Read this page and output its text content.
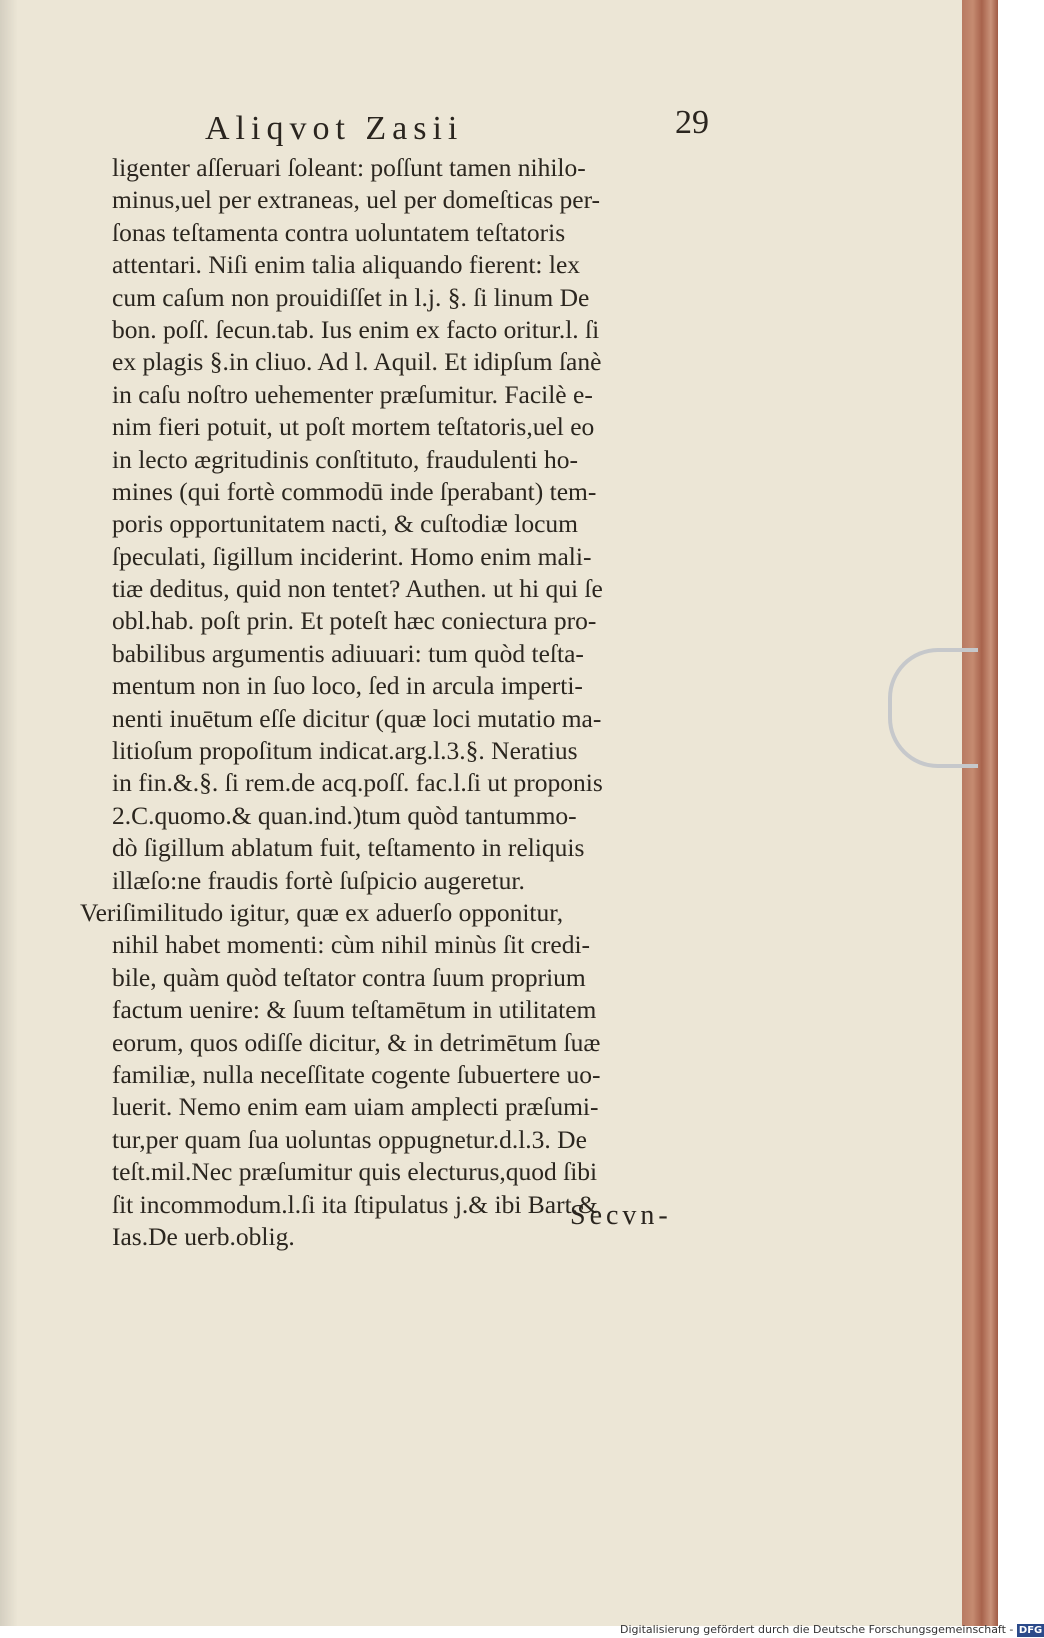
Aliqvot Zasii	29
ligenter aſſeruari ſoleant: poſſunt tamen nihilo-
minus,uel per extraneas, uel per domeſticas per-
ſonas teſtamenta contra uoluntatem teſtatoris
attentari. Niſi enim talia aliquando fierent: lex
cum caſum non prouidiſſet in l.j. §. ſi linum De
bon. poſſ. ſecun.tab. Ius enim ex facto oritur.l. ſi
ex plagis §.in cliuo. Ad l. Aquil. Et idipſum ſanè
in caſu noſtro uehementer præſumitur. Facilè e-
nim fieri potuit, ut poſt mortem teſtatoris,uel eo
in lecto ægritudinis conſtituto, fraudulenti ho-
mines (qui fortè commodū inde ſperabant) tem-
poris opportunitatem nacti, & cuſtodiæ locum
ſpeculati, ſigillum inciderint. Homo enim mali-
tiæ deditus, quid non tentet? Authen. ut hi qui ſe
obl.hab. poſt prin. Et poteſt hæc coniectura pro-
babilibus argumentis adiuuari: tum quòd teſta-
mentum non in ſuo loco, ſed in arcula imperti-
nenti inuētum eſſe dicitur (quæ loci mutatio ma-
litioſum propoſitum indicat.arg.l.3.§. Neratius
in fin.&.§. ſi rem.de acq.poſſ. fac.l.ſi ut proponis
2.C.quomo.& quan.ind.)tum quòd tantummo-
dò ſigillum ablatum fuit, teſtamento in reliquis
illæſo:ne fraudis fortè ſuſpicio augeretur.
Veriſimilitudo igitur, quæ ex aduerſo opponitur,
nihil habet momenti: cùm nihil minùs ſit credi-
bile, quàm quòd teſtator contra ſuum proprium
factum uenire: & ſuum teſtamētum in utilitatem
eorum, quos odiſſe dicitur, & in detrimētum ſuæ
familiæ, nulla neceſſitate cogente ſubuertere uo-
luerit. Nemo enim eam uiam amplecti præſumi-
tur,per quam ſua uoluntas oppugnetur.d.l.3. De
teſt.mil.Nec præſumitur quis electurus,quod ſibi
ſit incommodum.l.ſi ita ſtipulatus j.& ibi Bart.&
Ias.De uerb.oblig.
Secvn-
Digitalisierung gefördert durch die Deutsche Forschungsgemeinschaft - DFG
